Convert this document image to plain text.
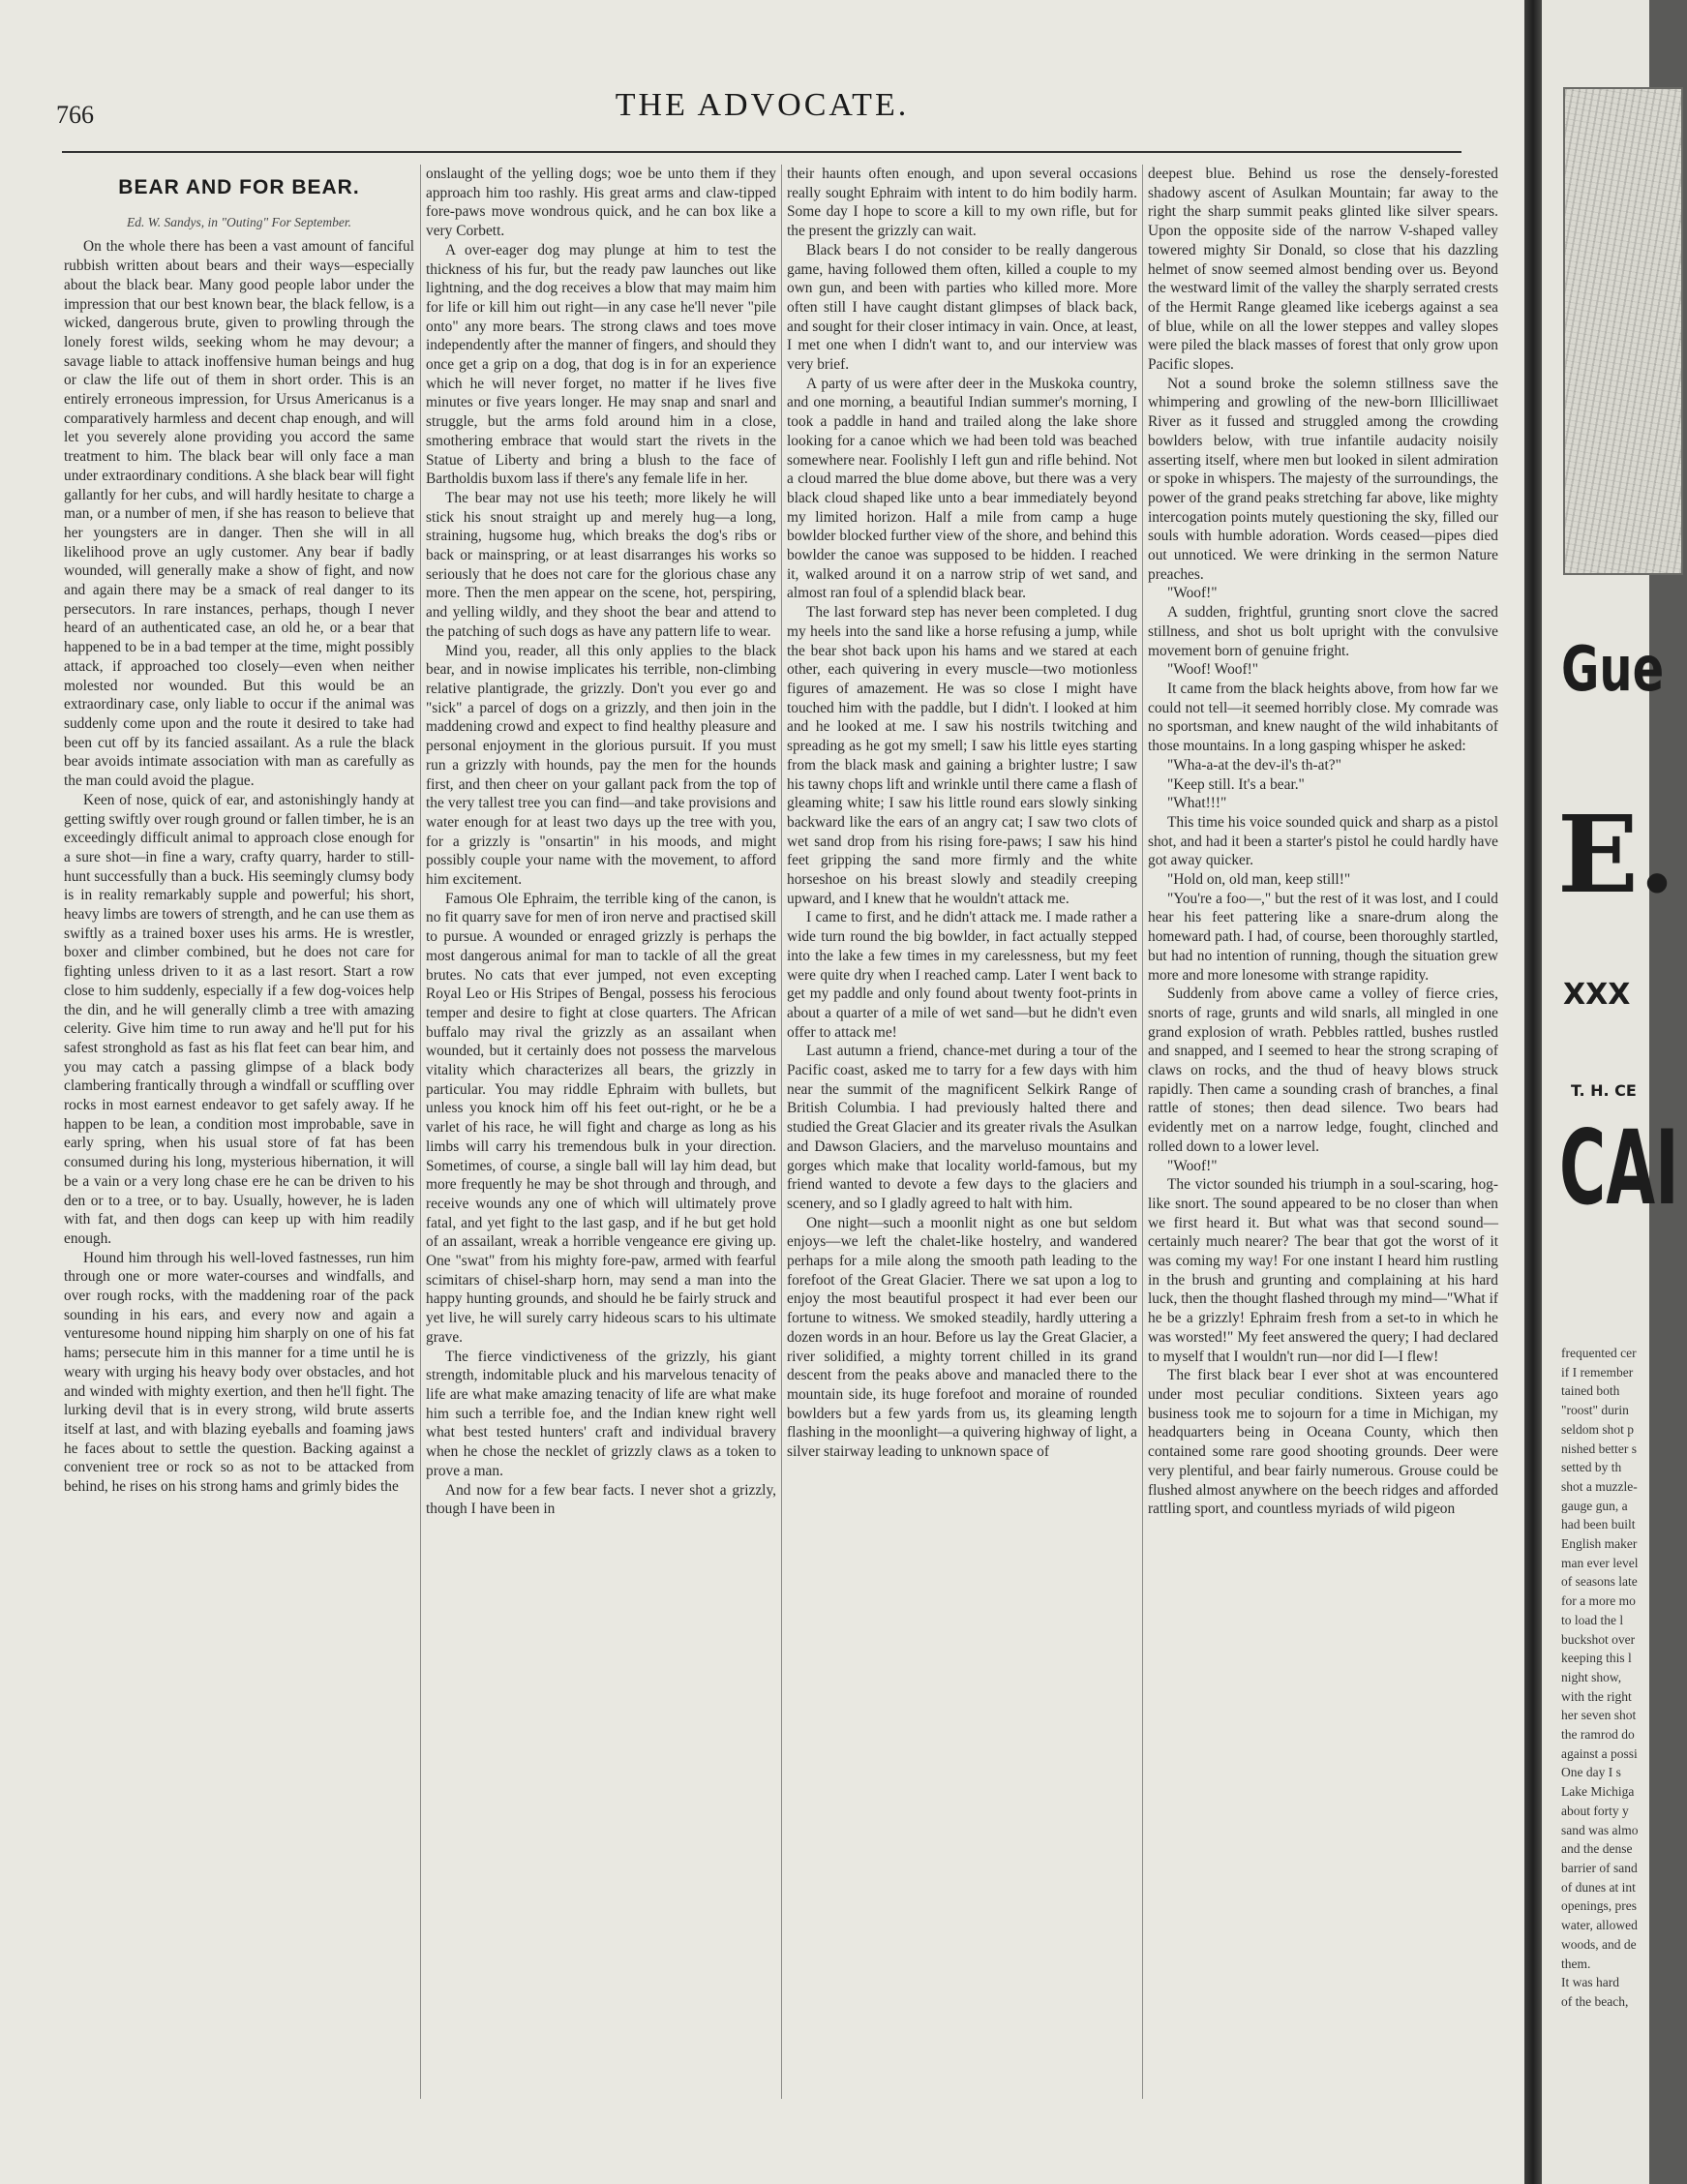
766	THE ADVOCATE.
BEAR AND FOR BEAR.
Ed. W. Sandys, in "Outing" For September.

On the whole there has been a vast amount of fanciful rubbish written about bears and their ways—especially about the black bear. Many good people labor under the impression that our best known bear, the black fellow, is a wicked, dangerous brute, given to prowling through the lonely forest wilds, seeking whom he may devour; a savage liable to attack inoffensive human beings and hug or claw the life out of them in short order. This is an entirely erroneous impression, for Ursus Americanus is a comparatively harmless and decent chap enough, and will let you severely alone providing you accord the same treatment to him. The black bear will only face a man under extraordinary conditions. A she black bear will fight gallantly for her cubs, and will hardly hesitate to charge a man, or a number of men, if she has reason to believe that her youngsters are in danger. Then she will in all likelihood prove an ugly customer. Any bear if badly wounded, will generally make a show of fight, and now and again there may be a smack of real danger to its persecutors. In rare instances, perhaps, though I never heard of an authenticated case, an old he, or a bear that happened to be in a bad temper at the time, might possibly attack, if approached too closely—even when neither molested nor wounded. But this would be an extraordinary case, only liable to occur if the animal was suddenly come upon and the route it desired to take had been cut off by its fancied assailant. As a rule the black bear avoids intimate association with man as carefully as the man could avoid the plague.

Keen of nose, quick of ear, and astonishingly handy at getting swiftly over rough ground or fallen timber, he is an exceedingly difficult animal to approach close enough for a sure shot—in fine a wary, crafty quarry, harder to still-hunt successfully than a buck. His seemingly clumsy body is in reality remarkably supple and powerful; his short, heavy limbs are towers of strength, and he can use them as swiftly as a trained boxer uses his arms. He is wrestler, boxer and climber combined, but he does not care for fighting unless driven to it as a last resort. Start a row close to him suddenly, especially if a few dog-voices help the din, and he will generally climb a tree with amazing celerity. Give him time to run away and he'll put for his safest stronghold as fast as his flat feet can bear him, and you may catch a passing glimpse of a black body clambering frantically through a windfall or scuffling over rocks in most earnest endeavor to get safely away. If he happen to be lean, a condition most improbable, save in early spring, when his usual store of fat has been consumed during his long, mysterious hibernation, it will be a vain or a very long chase ere he can be driven to his den or to a tree, or to bay. Usually, however, he is laden with fat, and then dogs can keep up with him readily enough.

Hound him through his well-loved fastnesses, run him through one or more water-courses and windfalls, and over rough rocks, with the maddening roar of the pack sounding in his ears, and every now and again a venturesome hound nipping him sharply on one of his fat hams; persecute him in this manner for a time until he is weary with urging his heavy body over obstacles, and hot and winded with mighty exertion, and then he'll fight. The lurking devil that is in every strong, wild brute asserts itself at last, and with blazing eyeballs and foaming jaws he faces about to settle the question. Backing against a convenient tree or rock so as not to be attacked from behind, he rises on his strong hams and grimly bides the

onslaught of the yelling dogs; woe be unto them if they approach him too rashly. His great arms and claw-tipped fore-paws move wondrous quick, and he can box like a very Corbett.

A over-eager dog may plunge at him to test the thickness of his fur, but the ready paw launches out like lightning, and the dog receives a blow that may maim him for life or kill him out right—in any case he'll never "pile onto" any more bears. The strong claws and toes move independently after the manner of fingers, and should they once get a grip on a dog, that dog is in for an experience which he will never forget, no matter if he lives five minutes or five years longer. He may snap and snarl and struggle, but the arms fold around him in a close, smothering embrace that would start the rivets in the Statue of Liberty and bring a blush to the face of Bartholdis buxom lass if there's any female life in her.

The bear may not use his teeth; more likely he will stick his snout straight up and merely hug—a long, straining, hugsome hug, which breaks the dog's ribs or back or mainspring, or at least disarranges his works so seriously that he does not care for the glorious chase any more. Then the men appear on the scene, hot, perspiring, and yelling wildly, and they shoot the bear and attend to the patching of such dogs as have any pattern life to wear.

Mind you, reader, all this only applies to the black bear, and in nowise implicates his terrible, non-climbing relative plantigrade, the grizzly. Don't you ever go and "sick" a parcel of dogs on a grizzly, and then join in the maddening crowd and expect to find healthy pleasure and personal enjoyment in the glorious pursuit. If you must run a grizzly with hounds, pay the men for the hounds first, and then cheer on your gallant pack from the top of the very tallest tree you can find—and take provisions and water enough for at least two days up the tree with you, for a grizzly is "onsartin" in his moods, and might possibly couple your name with the movement, to afford him excitement.

Famous Ole Ephraim, the terrible king of the canon, is no fit quarry save for men of iron nerve and practised skill to pursue. A wounded or enraged grizzly is perhaps the most dangerous animal for man to tackle of all the great brutes. No cats that ever jumped, not even excepting Royal Leo or His Stripes of Bengal, possess his ferocious temper and desire to fight at close quarters. The African buffalo may rival the grizzly as an assailant when wounded, but it certainly does not possess the marvelous vitality which characterizes all bears, the grizzly in particular. You may riddle Ephraim with bullets, but unless you knock him off his feet out-right, or he be a varlet of his race, he will fight and charge as long as his limbs will carry his tremendous bulk in your direction. Sometimes, of course, a single ball will lay him dead, but more frequently he may be shot through and through, and receive wounds any one of which will ultimately prove fatal, and yet fight to the last gasp, and if he but get hold of an assailant, wreak a horrible vengeance ere giving up. One "swat" from his mighty fore-paw, armed with fearful scimitars of chisel-sharp horn, may send a man into the happy hunting grounds, and should he be fairly struck and yet live, he will surely carry hideous scars to his ultimate grave.

The fierce vindictiveness of the grizzly, his giant strength, indomitable pluck and his marvelous tenacity of life are what make amazing tenacity of life are what make him such a terrible foe, and the Indian knew right well what best tested hunters' craft and individual bravery when he chose the necklet of grizzly claws as a token to prove a man.

And now for a few bear facts. I never shot a grizzly, though I have been in

their haunts often enough, and upon several occasions really sought Ephraim with intent to do him bodily harm. Some day I hope to score a kill to my own rifle, but for the present the grizzly can wait.

Black bears I do not consider to be really dangerous game, having followed them often, killed a couple to my own gun, and been with parties who killed more. More often still I have caught distant glimpses of black back, and sought for their closer intimacy in vain. Once, at least, I met one when I didn't want to, and our interview was very brief.

A party of us were after deer in the Muskoka country, and one morning, a beautiful Indian summer's morning, I took a paddle in hand and trailed along the lake shore looking for a canoe which we had been told was beached somewhere near. Foolishly I left gun and rifle behind. Not a cloud marred the blue dome above, but there was a very black cloud shaped like unto a bear immediately beyond my limited horizon. Half a mile from camp a huge bowlder blocked further view of the shore, and behind this bowlder the canoe was supposed to be hidden. I reached it, walked around it on a narrow strip of wet sand, and almost ran foul of a splendid black bear.

The last forward step has never been completed. I dug my heels into the sand like a horse refusing a jump, while the bear shot back upon his hams and we stared at each other, each quivering in every muscle—two motionless figures of amazement. He was so close I might have touched him with the paddle, but I didn't. I looked at him and he looked at me. I saw his nostrils twitching and spreading as he got my smell; I saw his little eyes starting from the black mask and gaining a brighter lustre; I saw his tawny chops lift and wrinkle until there came a flash of gleaming white; I saw his little round ears slowly sinking backward like the ears of an angry cat; I saw two clots of wet sand drop from his rising fore-paws; I saw his hind feet gripping the sand more firmly and the white horseshoe on his breast slowly and steadily creeping upward, and I knew that he wouldn't attack me.

I came to first, and he didn't attack me. I made rather a wide turn round the big bowlder, in fact actually stepped into the lake a few times in my carelessness, but my feet were quite dry when I reached camp. Later I went back to get my paddle and only found about twenty foot-prints in about a quarter of a mile of wet sand—but he didn't even offer to attack me!

Last autumn a friend, chance-met during a tour of the Pacific coast, asked me to tarry for a few days with him near the summit of the magnificent Selkirk Range of British Columbia. I had previously halted there and studied the Great Glacier and its greater rivals the Asulkan and Dawson Glaciers, and the marveluso mountains and gorges which make that locality world-famous, but my friend wanted to devote a few days to the glaciers and scenery, and so I gladly agreed to halt with him.

One night—such a moonlit night as one but seldom enjoys—we left the chalet-like hostelry, and wandered perhaps for a mile along the smooth path leading to the forefoot of the Great Glacier. There we sat upon a log to enjoy the most beautiful prospect it had ever been our fortune to witness. We smoked steadily, hardly uttering a dozen words in an hour. Before us lay the Great Glacier, a river solidified, a mighty torrent chilled in its grand descent from the peaks above and manacled there to the mountain side, its huge forefoot and moraine of rounded bowlders but a few yards from us, its gleaming length flashing in the moonlight—a quivering highway of light, a silver stairway leading to unknown space of

deepest blue. Behind us rose the densely-forested shadowy ascent of Asulkan Mountain; far away to the right the sharp summit peaks glinted like silver spears. Upon the opposite side of the narrow V-shaped valley towered mighty Sir Donald, so close that his dazzling helmet of snow seemed almost bending over us. Beyond the westward limit of the valley the sharply serrated crests of the Hermit Range gleamed like icebergs against a sea of blue, while on all the lower steppes and valley slopes were piled the black masses of forest that only grow upon Pacific slopes.

Not a sound broke the solemn stillness save the whimpering and growling of the new-born Illicilliwaet River as it fussed and struggled among the crowding bowlders below, with true infantile audacity noisily asserting itself, where men but looked in silent admiration or spoke in whispers. The majesty of the surroundings, the power of the grand peaks stretching far above, like mighty intercogation points mutely questioning the sky, filled our souls with humble adoration. Words ceased—pipes died out unnoticed. We were drinking in the sermon Nature preaches.

"Woof!"

A sudden, frightful, grunting snort clove the sacred stillness, and shot us bolt upright with the convulsive movement born of genuine fright.

"Woof! Woof!"

It came from the black heights above, from how far we could not tell—it seemed horribly close. My comrade was no sportsman, and knew naught of the wild inhabitants of those mountains. In a long gasping whisper he asked:

"Wha-a-at the dev-il's th-at?"

"Keep still. It's a bear."

"What!!!"

This time his voice sounded quick and sharp as a pistol shot, and had it been a starter's pistol he could hardly have got away quicker.

"Hold on, old man, keep still!"

"You're a foo—," but the rest of it was lost, and I could hear his feet pattering like a snare-drum along the homeward path. I had, of course, been thoroughly startled, but had no intention of running, though the situation grew more and more lonesome with strange rapidity.

Suddenly from above came a volley of fierce cries, snorts of rage, grunts and wild snarls, all mingled in one grand explosion of wrath. Pebbles rattled, bushes rustled and snapped, and I seemed to hear the strong scraping of claws on rocks, and the thud of heavy blows struck rapidly. Then came a sounding crash of branches, a final rattle of stones; then dead silence. Two bears had evidently met on a narrow ledge, fought, clinched and rolled down to a lower level.

"Woof!"

The victor sounded his triumph in a soul-scaring, hog-like snort. The sound appeared to be no closer than when we first heard it. But what was that second sound—certainly much nearer? The bear that got the worst of it was coming my way! For one instant I heard him rustling in the brush and grunting and complaining at his hard luck, then the thought flashed through my mind—"What if he be a grizzly! Ephraim fresh from a set-to in which he was worsted!" My feet answered the query; I had declared to myself that I wouldn't run—nor did I—I flew!

The first black bear I ever shot at was encountered under most peculiar conditions. Sixteen years ago business took me to sojourn for a time in Michigan, my headquarters being in Oceana County, which then contained some rare good shooting grounds. Deer were very plentiful, and bear fairly numerous. Grouse could be flushed almost anywhere on the beech ridges and afforded rattling sport, and countless myriads of wild pigeon

Gue
E.
XXX
T. H. CE
CAI
frequented cer
if I remember
tained both
"roost" durin
seldom shot p
nished better s
setted by th
shot a muzzle-
gauge gun, a
had been built
English maker
man ever level
of seasons late
for a more mo
to load the l
buckshot over
keeping this l
night show,
with the right
her seven shot
the ramrod do
against a possi
One day I s
Lake Michiga
about forty y
sand was almo
and the dense
barrier of sand
of dunes at int
openings, pres
water, allowed
woods, and de
them.
It was hard
of the beach,
